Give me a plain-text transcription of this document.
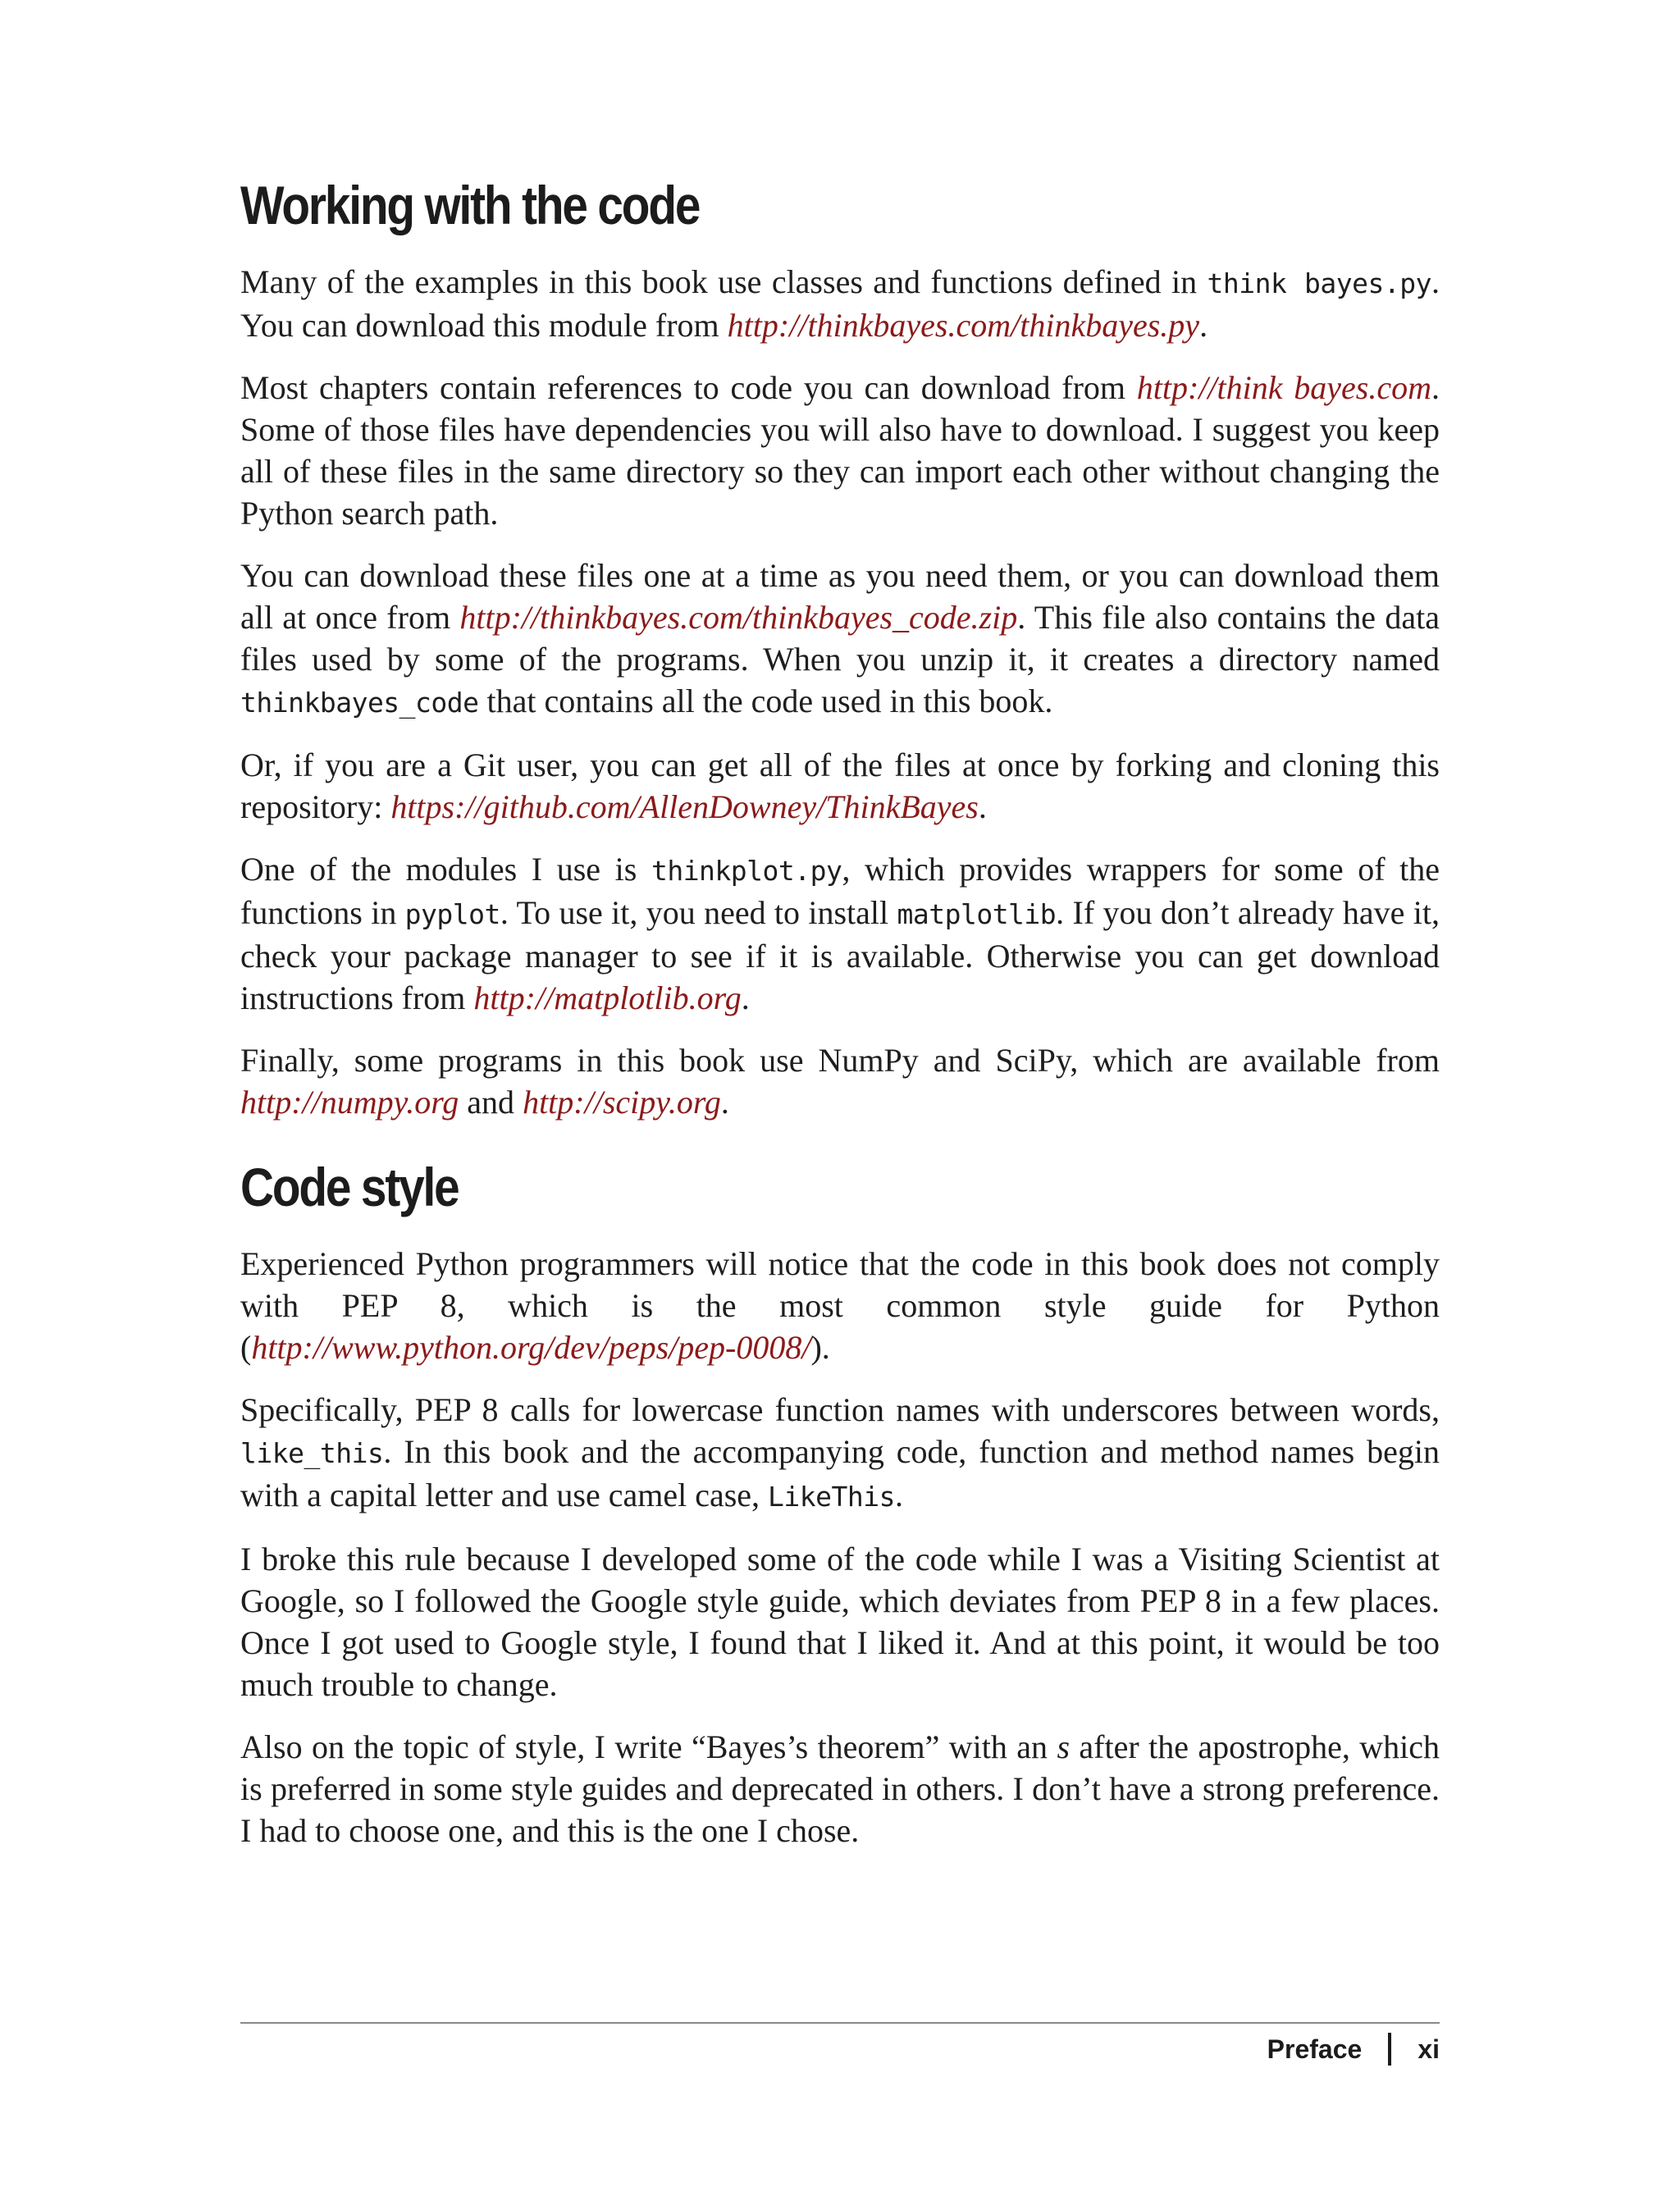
Working with the code

Many of the examples in this book use classes and functions defined in think bayes.py. You can download this module from http://thinkbayes.com/thinkbayes.py.

Most chapters contain references to code you can download from http://think bayes.com. Some of those files have dependencies you will also have to download. I suggest you keep all of these files in the same directory so they can import each other without changing the Python search path.

You can download these files one at a time as you need them, or you can download them all at once from http://thinkbayes.com/thinkbayes_code.zip. This file also contains the data files used by some of the programs. When you unzip it, it creates a directory named thinkbayes_code that contains all the code used in this book.

Or, if you are a Git user, you can get all of the files at once by forking and cloning this repository: https://github.com/AllenDowney/ThinkBayes.

One of the modules I use is thinkplot.py, which provides wrappers for some of the functions in pyplot. To use it, you need to install matplotlib. If you don’t already have it, check your package manager to see if it is available. Otherwise you can get download instructions from http://matplotlib.org.

Finally, some programs in this book use NumPy and SciPy, which are available from http://numpy.org and http://scipy.org.

Code style

Experienced Python programmers will notice that the code in this book does not comply with PEP 8, which is the most common style guide for Python (http://www.python.org/dev/peps/pep-0008/).

Specifically, PEP 8 calls for lowercase function names with underscores between words, like_this. In this book and the accompanying code, function and method names begin with a capital letter and use camel case, LikeThis.

I broke this rule because I developed some of the code while I was a Visiting Scientist at Google, so I followed the Google style guide, which deviates from PEP 8 in a few places. Once I got used to Google style, I found that I liked it. And at this point, it would be too much trouble to change.

Also on the topic of style, I write “Bayes’s theorem” with an s after the apostrophe, which is preferred in some style guides and deprecated in others. I don’t have a strong preference. I had to choose one, and this is the one I chose.

Preface xi
